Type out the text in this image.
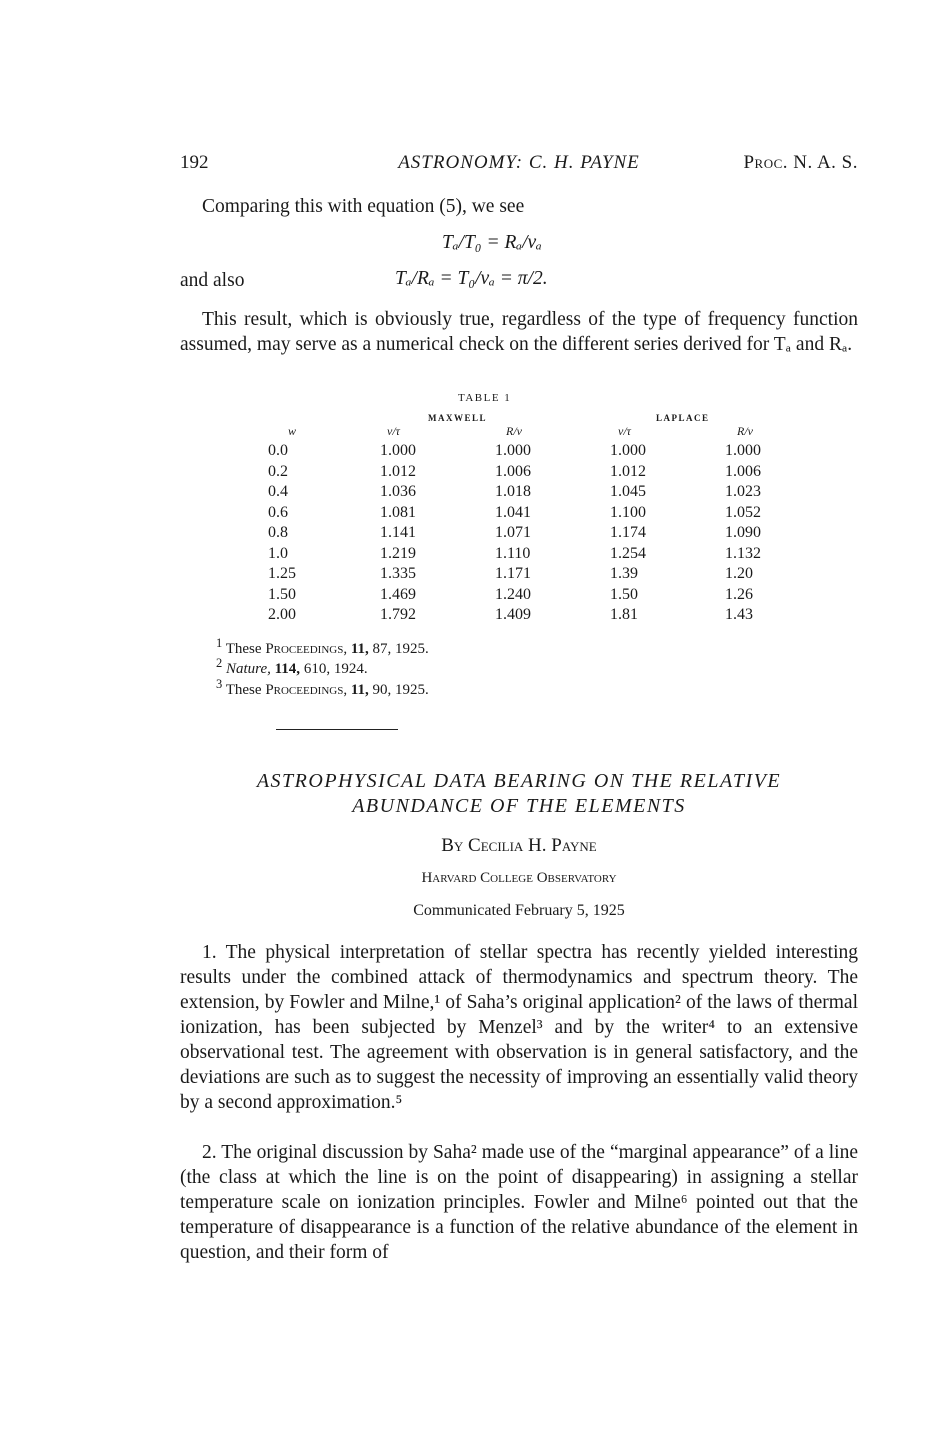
192	ASTRONOMY: C. H. PAYNE	Proc. N. A. S.
Comparing this with equation (5), we see
Tₐ/T₀ = Rₐ/vₐ
and also	Tₐ/Rₐ = T₀/vₐ = π/2.

This result, which is obviously true, regardless of the type of frequency function assumed, may serve as a numerical check on the different series derived for Tₐ and Rₐ.

TABLE 1
MAXWELL	LAPLACE
w	v/τ	R/v	v/τ	R/v
0.0	1.000	1.000	1.000	1.000
0.2	1.012	1.006	1.012	1.006
0.4	1.036	1.018	1.045	1.023
0.6	1.081	1.041	1.100	1.052
0.8	1.141	1.071	1.174	1.090
1.0	1.219	1.110	1.254	1.132
1.25	1.335	1.171	1.39	1.20
1.50	1.469	1.240	1.50	1.26
2.00	1.792	1.409	1.81	1.43
$^1$ These Proceedings, 11, 87, 1925.
$^2$ Nature, 114, 610, 1924.
$^3$ These Proceedings, 11, 90, 1925.
ASTROPHYSICAL DATA BEARING ON THE RELATIVE
ABUNDANCE OF THE ELEMENTS
By Cecilia H. Payne
Harvard College Observatory
Communicated February 5, 1925

1. The physical interpretation of stellar spectra has recently yielded interesting results under the combined attack of thermodynamics and spectrum theory. The extension, by Fowler and Milne,¹ of Saha’s original application² of the laws of thermal ionization, has been subjected by Menzel³ and by the writer⁴ to an extensive observational test. The agreement with observation is in general satisfactory, and the deviations are such as to suggest the necessity of improving an essentially valid theory by a second approximation.⁵

2. The original discussion by Saha² made use of the “marginal appearance” of a line (the class at which the line is on the point of disappearing) in assigning a stellar temperature scale on ionization principles. Fowler and Milne⁶ pointed out that the temperature of disappearance is a function of the relative abundance of the element in question, and their form of
